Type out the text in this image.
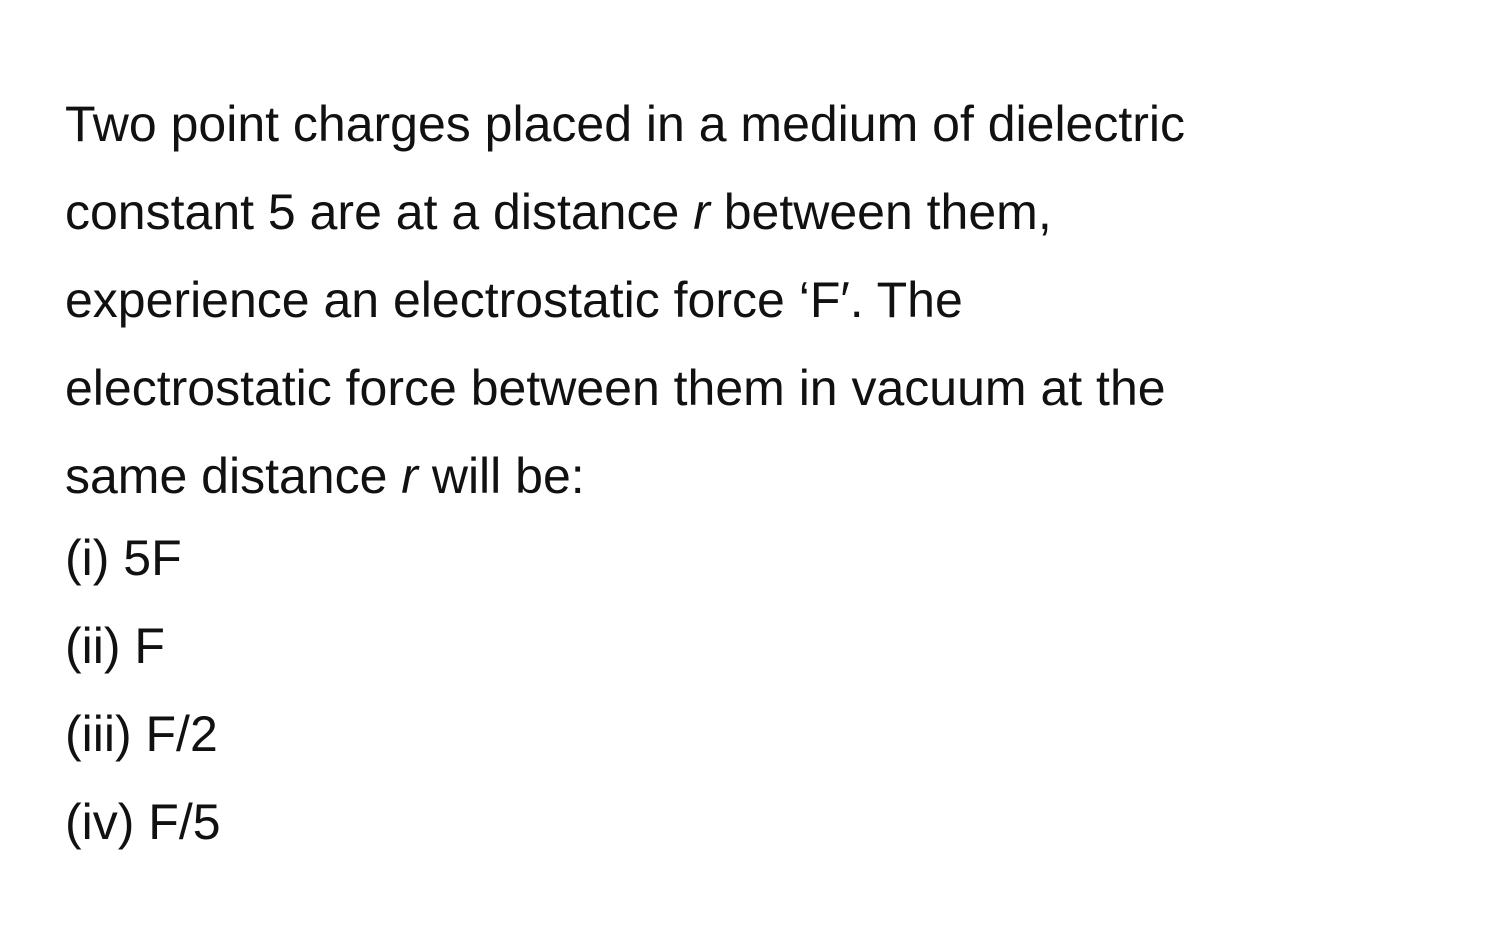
Two point charges placed in a medium of dielectric
constant 5 are at a distance r between them,
experience an electrostatic force ‘F′. The
electrostatic force between them in vacuum at the
same distance r will be:
(i) 5F
(ii) F
(iii) F/2
(iv) F/5
